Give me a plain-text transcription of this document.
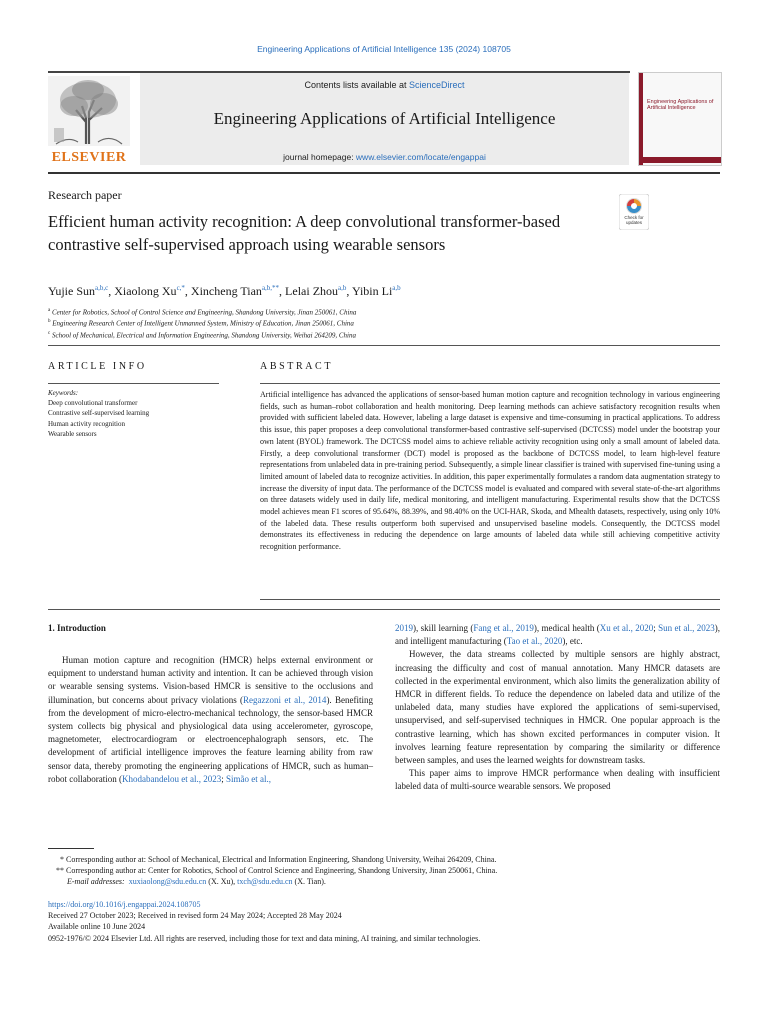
Engineering Applications of Artificial Intelligence 135 (2024) 108705
Contents lists available at ScienceDirect
Engineering Applications of Artificial Intelligence
journal homepage: www.elsevier.com/locate/engappai
ELSEVIER
Engineering Applications of Artificial Intelligence
Research paper
Efficient human activity recognition: A deep convolutional transformer-based contrastive self-supervised approach using wearable sensors
Check for updates
Yujie Sun$^{a,b,c}$, Xiaolong $Xu^{c,*}$, Xincheng Tian$^{a,b,**}$, Lelai Zhou$^{a,b}$, Yibin Li$^{a,b}$
$^a$ Center for Robotics, School of Control Science and Engineering, Shandong University, Jinan 250061, China
$^b$ Engineering Research Center of Intelligent Unmanned System, Ministry of Education, Jinan 250061, China
$^c$ School of Mechanical, Electrical and Information Engineering, Shandong University, Weihai 264209, China
ARTICLE INFO	ABSTRACT
Keywords:
Deep convolutional transformer
Contrastive self-supervised learning
Human activity recognition
Wearable sensors
Artificial intelligence has advanced the applications of sensor-based human motion capture and recognition technology in various engineering fields, such as human–robot collaboration and health monitoring. Deep learning methods can achieve satisfactory recognition results when provided with sufficient labeled data. However, labeling a large dataset is expensive and time-consuming in practical applications. To address this issue, this paper proposes a deep convolutional transformer-based contrastive self-supervised (DCTCSS) model under the bootstrap your own latent (BYOL) framework. The DCTCSS model aims to achieve reliable activity recognition using only a small amount of labeled data. Firstly, a deep convolutional transformer (DCT) model is proposed as the backbone of DCTCSS model, to learn high-level feature representations from unlabeled data in pre-training period. Subsequently, a simple linear classifier is trained with supervised fine-tuning using a limited amount of labeled data to recognize activities. In addition, this paper experimentally formulates a random data augmentation strategy to increase the diversity of input data. The performance of the DCTCSS model is evaluated and compared with several state-of-the-art algorithms on three datasets widely used in daily life, medical monitoring, and intelligent manufacturing. Experimental results show that the DCTCSS model achieves mean F1 scores of 95.64%, 88.39%, and 98.40% on the UCI-HAR, Skoda, and Mhealth datasets, respectively, using only 10% of the labeled data. These results outperform both supervised and unsupervised baseline models. Consequently, the DCTCSS model demonstrates its effectiveness in reducing the dependence on large amounts of labeled data while still achieving competitive activity recognition performance.
1. Introduction

Human motion capture and recognition (HMCR) helps external environment or equipment to understand human activity and intention. It can be achieved through vision or wearable sensing systems. Vision-based HMCR is sensitive to the occlusions and illumination, but concerns about privacy violations (Regazzoni et al., 2014). Benefiting from the development of micro-electro-mechanical technology, the sensor-based HMCR system collects big physical and physiological data using accelerometer, gyroscope, magnetometer, electrocardiogram or electroencephalograph sensors, etc. The development of artificial intelligence improves the feature learning ability from raw sensor data, thereby promoting the engineering applications of HMCR, such as human–robot collaboration (Khodabandelou et al., 2023; Simão et al.,

2019), skill learning (Fang et al., 2019), medical health (Xu et al., 2020; Sun et al., 2023), and intelligent manufacturing (Tao et al., 2020), etc.

However, the data streams collected by multiple sensors are highly abstract, increasing the difficulty and cost of manual annotation. Many HMCR datasets are collected in the experimental environment, which also limits the generalization ability of HMCR in different fields. To reduce the dependence on labeled data and utilize of the unlabeled data, many studies have explored the applications of semi-supervised, unsupervised, and self-supervised techniques in HMCR. One popular approach is the contrastive learning, which has shown excited performances in computer vision. It involves learning feature representation by comparing the similarity or difference between samples, and uses the learned weights for downstream tasks.

This paper aims to improve HMCR performance when dealing with insufficient labeled data of multi-source wearable sensors. We proposed

* Corresponding author at: School of Mechanical, Electrical and Information Engineering, Shandong University, Weihai 264209, China.
** Corresponding author at: Center for Robotics, School of Control Science and Engineering, Shandong University, Jinan 250061, China.
E-mail addresses: xuxiaolong@sdu.edu.cn (X. Xu), txch@sdu.edu.cn (X. Tian).
https://doi.org/10.1016/j.engappai.2024.108705
Received 27 October 2023; Received in revised form 24 May 2024; Accepted 28 May 2024
Available online 10 June 2024
0952-1976/© 2024 Elsevier Ltd. All rights are reserved, including those for text and data mining, AI training, and similar technologies.
